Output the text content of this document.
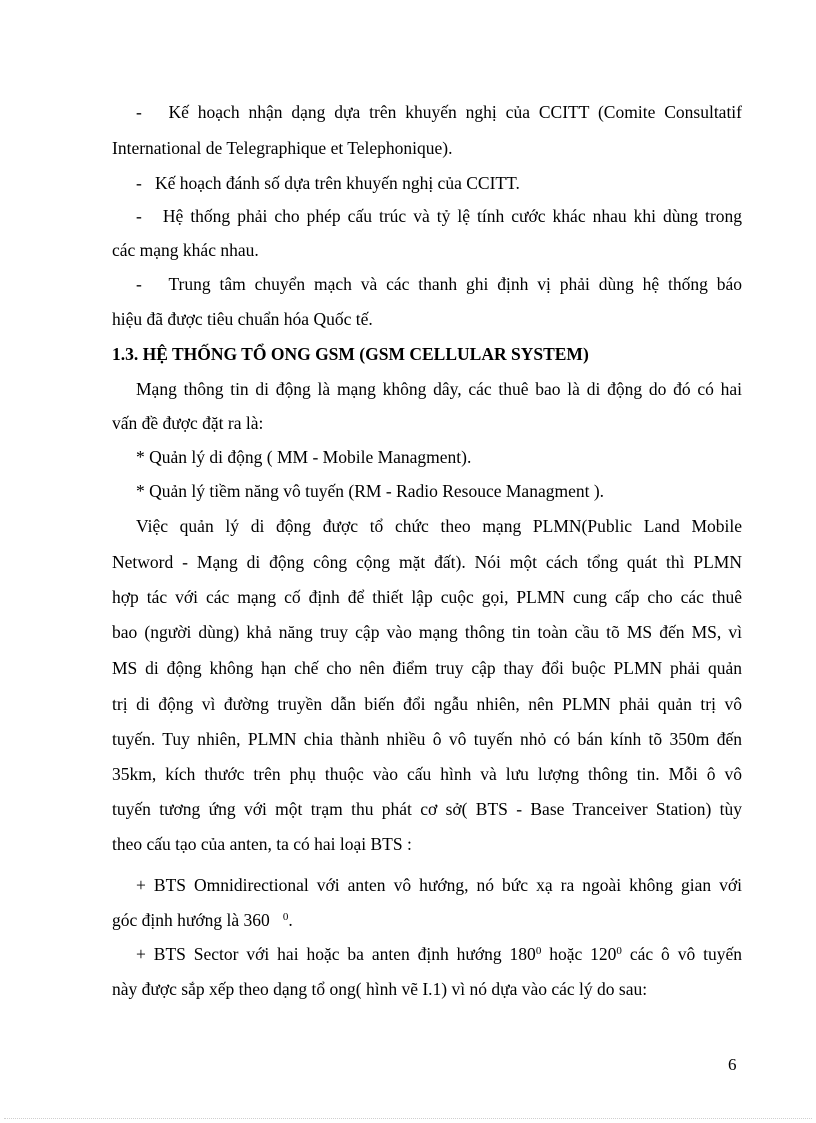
- Kế hoạch nhận dạng dựa trên khuyến nghị của CCITT (Comite Consultatif
International de Telegraphique et Telephonique).
- Kế hoạch đánh số dựa trên khuyến nghị của CCITT.
- Hệ thống phải cho phép cấu trúc và tỷ lệ tính cước khác nhau khi dùng trong
các mạng khác nhau.
- Trung tâm chuyển mạch và các thanh ghi định vị phải dùng hệ thống báo
hiệu đã được tiêu chuẩn hóa Quốc tế.
1.3. HỆ THỐNG TỔ ONG GSM (GSM CELLULAR SYSTEM)
Mạng thông tin di động là mạng không dây, các thuê bao là di động do đó có hai
vấn đề được đặt ra là:
* Quản lý di động ( MM - Mobile Managment).
* Quản lý tiềm năng vô tuyến (RM - Radio Resouce Managment ).
Việc quản lý di động được tổ chức theo mạng PLMN(Public Land Mobile
Netword - Mạng di động công cộng mặt đất). Nói một cách tổng quát thì PLMN
hợp tác với các mạng cố định để thiết lập cuộc gọi, PLMN cung cấp cho các thuê
bao (người dùng) khả năng truy cập vào mạng thông tin toàn cầu tõ MS đến MS, vì
MS di động không hạn chế cho nên điểm truy cập thay đổi buộc PLMN phải quản
trị di động vì đường truyền dẫn biến đổi ngẫu nhiên, nên PLMN phải quản trị vô
tuyến. Tuy nhiên, PLMN chia thành nhiều ô vô tuyến nhỏ có bán kính tõ 350m đến
35km, kích thước trên phụ thuộc vào cấu hình và lưu lượng thông tin. Mỗi ô vô
tuyến tương ứng với một trạm thu phát cơ sở( BTS - Base Tranceiver Station) tùy
theo cấu tạo của anten, ta có hai loại BTS :
+ BTS Omnidirectional với anten vô hướng, nó bức xạ ra ngoài không gian với
góc định hướng là 360 $^0$.
+ BTS Sector với hai hoặc ba anten định hướng $180^0$ hoặc $120^0$ các ô vô tuyến
này được sắp xếp theo dạng tổ ong( hình vẽ I.1) vì nó dựa vào các lý do sau:
6
